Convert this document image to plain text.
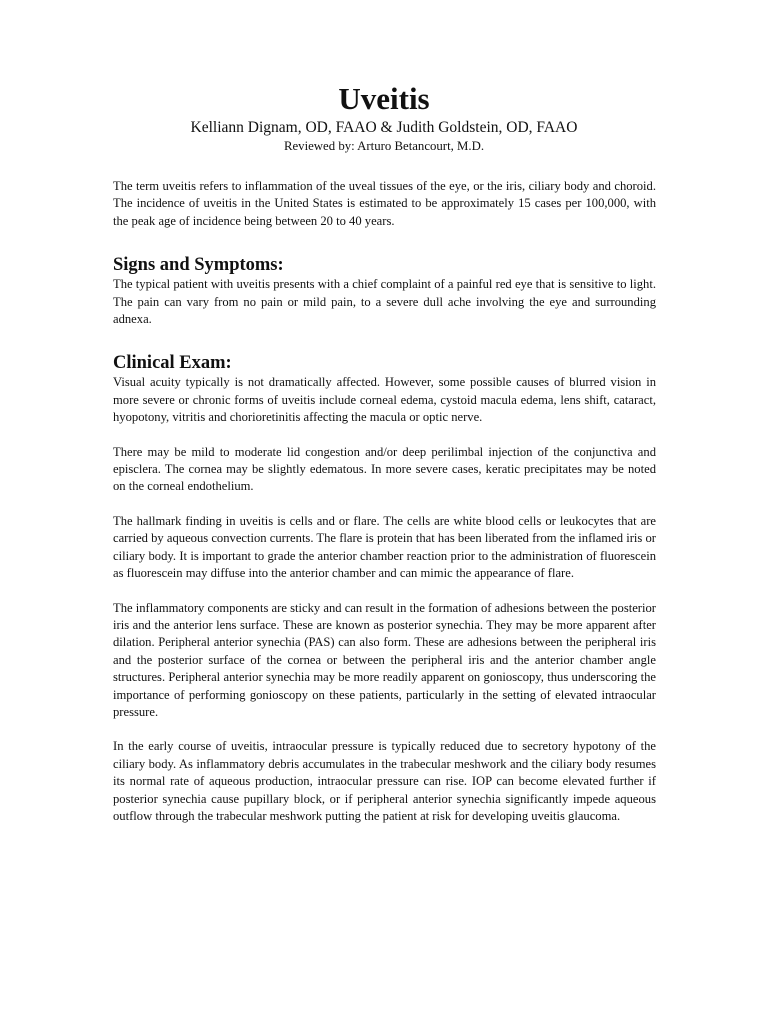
Uveitis

Kelliann Dignam, OD, FAAO & Judith Goldstein, OD, FAAO

Reviewed by: Arturo Betancourt, M.D.

The term uveitis refers to inflammation of the uveal tissues of the eye, or the iris, ciliary body and choroid. The incidence of uveitis in the United States is estimated to be approximately 15 cases per 100,000, with the peak age of incidence being between 20 to 40 years.

Signs and Symptoms:

The typical patient with uveitis presents with a chief complaint of a painful red eye that is sensitive to light. The pain can vary from no pain or mild pain, to a severe dull ache involving the eye and surrounding adnexa.

Clinical Exam:

Visual acuity typically is not dramatically affected. However, some possible causes of blurred vision in more severe or chronic forms of uveitis include corneal edema, cystoid macula edema, lens shift, cataract, hyopotony, vitritis and chorioretinitis affecting the macula or optic nerve.

There may be mild to moderate lid congestion and/or deep perilimbal injection of the conjunctiva and episclera. The cornea may be slightly edematous. In more severe cases, keratic precipitates may be noted on the corneal endothelium.

The hallmark finding in uveitis is cells and or flare. The cells are white blood cells or leukocytes that are carried by aqueous convection currents. The flare is protein that has been liberated from the inflamed iris or ciliary body. It is important to grade the anterior chamber reaction prior to the administration of fluorescein as fluorescein may diffuse into the anterior chamber and can mimic the appearance of flare.

The inflammatory components are sticky and can result in the formation of adhesions between the posterior iris and the anterior lens surface. These are known as posterior synechia. They may be more apparent after dilation. Peripheral anterior synechia (PAS) can also form. These are adhesions between the peripheral iris and the posterior surface of the cornea or between the peripheral iris and the anterior chamber angle structures. Peripheral anterior synechia may be more readily apparent on gonioscopy, thus underscoring the importance of performing gonioscopy on these patients, particularly in the setting of elevated intraocular pressure.

In the early course of uveitis, intraocular pressure is typically reduced due to secretory hypotony of the ciliary body. As inflammatory debris accumulates in the trabecular meshwork and the ciliary body resumes its normal rate of aqueous production, intraocular pressure can rise. IOP can become elevated further if posterior synechia cause pupillary block, or if peripheral anterior synechia significantly impede aqueous outflow through the trabecular meshwork putting the patient at risk for developing uveitis glaucoma.
